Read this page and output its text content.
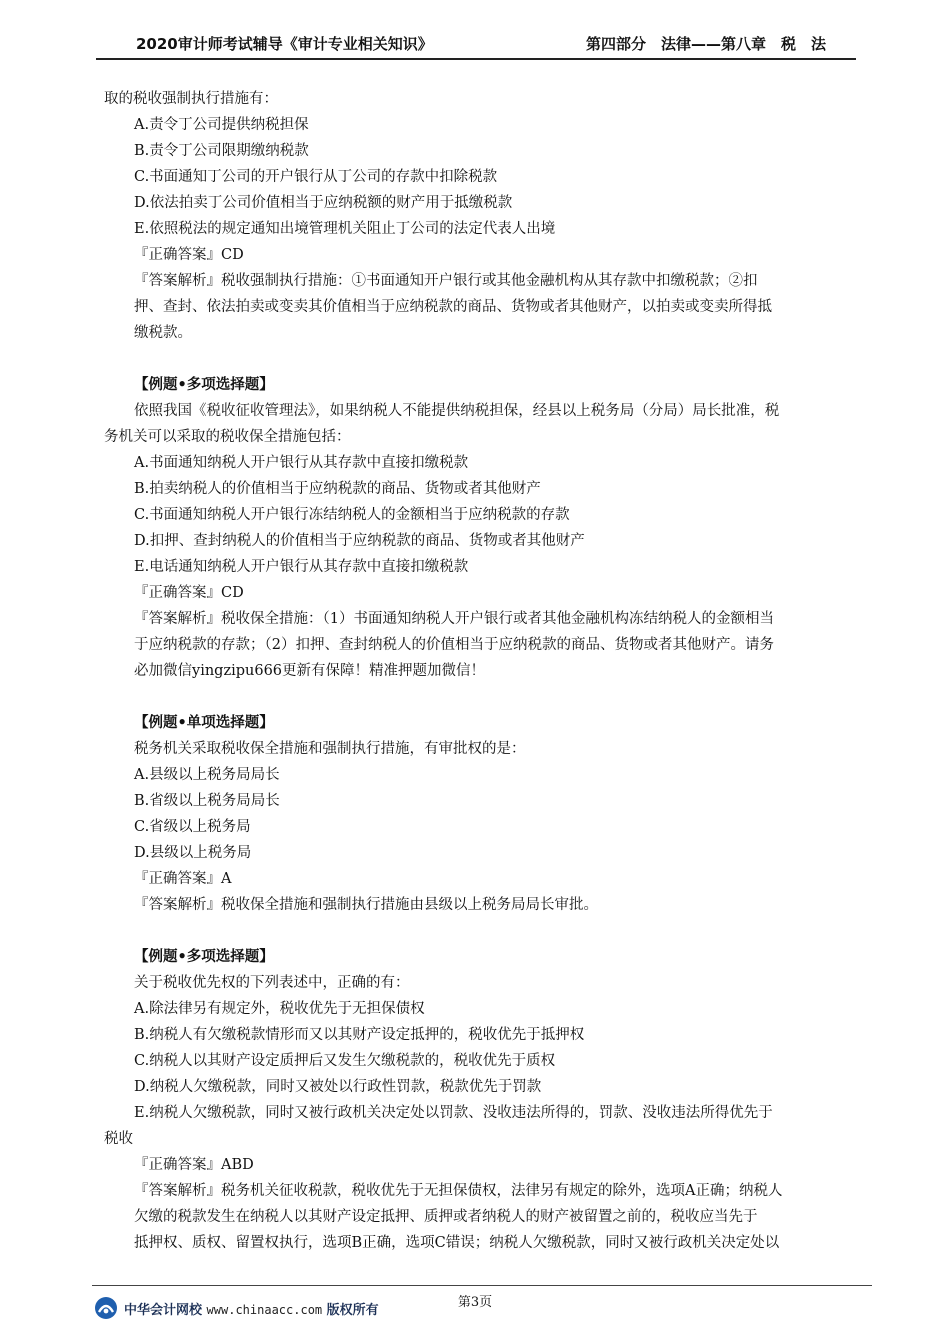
2020审计师考试辅导《审计专业相关知识》	第四部分　法律——第八章　税　法
取的税收强制执行措施有：
A.责令丁公司提供纳税担保
B.责令丁公司限期缴纳税款
C.书面通知丁公司的开户银行从丁公司的存款中扣除税款
D.依法拍卖丁公司价值相当于应纳税额的财产用于抵缴税款
E.依照税法的规定通知出境管理机关阻止丁公司的法定代表人出境
『正确答案』CD
『答案解析』税收强制执行措施：①书面通知开户银行或其他金融机构从其存款中扣缴税款；②扣
押、查封、依法拍卖或变卖其价值相当于应纳税款的商品、货物或者其他财产，以拍卖或变卖所得抵
缴税款。
【例题•多项选择题】
依照我国《税收征收管理法》，如果纳税人不能提供纳税担保，经县以上税务局（分局）局长批准，税
务机关可以采取的税收保全措施包括：
A.书面通知纳税人开户银行从其存款中直接扣缴税款
B.拍卖纳税人的价值相当于应纳税款的商品、货物或者其他财产
C.书面通知纳税人开户银行冻结纳税人的金额相当于应纳税款的存款
D.扣押、查封纳税人的价值相当于应纳税款的商品、货物或者其他财产
E.电话通知纳税人开户银行从其存款中直接扣缴税款
『正确答案』CD
『答案解析』税收保全措施：（1）书面通知纳税人开户银行或者其他金融机构冻结纳税人的金额相当
于应纳税款的存款；（2）扣押、查封纳税人的价值相当于应纳税款的商品、货物或者其他财产。请务
必加微信yingzipu666更新有保障！精准押题加微信！
【例题•单项选择题】
税务机关采取税收保全措施和强制执行措施，有审批权的是：
A.县级以上税务局局长
B.省级以上税务局局长
C.省级以上税务局
D.县级以上税务局
『正确答案』A
『答案解析』税收保全措施和强制执行措施由县级以上税务局局长审批。
【例题•多项选择题】
关于税收优先权的下列表述中，正确的有：
A.除法律另有规定外，税收优先于无担保债权
B.纳税人有欠缴税款情形而又以其财产设定抵押的，税收优先于抵押权
C.纳税人以其财产设定质押后又发生欠缴税款的，税收优先于质权
D.纳税人欠缴税款，同时又被处以行政性罚款，税款优先于罚款
E.纳税人欠缴税款，同时又被行政机关决定处以罚款、没收违法所得的，罚款、没收违法所得优先于
税收
『正确答案』ABD
『答案解析』税务机关征收税款，税收优先于无担保债权，法律另有规定的除外，选项A正确；纳税人
欠缴的税款发生在纳税人以其财产设定抵押、质押或者纳税人的财产被留置之前的，税收应当先于
抵押权、质权、留置权执行，选项B正确，选项C错误；纳税人欠缴税款，同时又被行政机关决定处以
第3页
中华会计网校 www.chinaacc.com 版权所有
